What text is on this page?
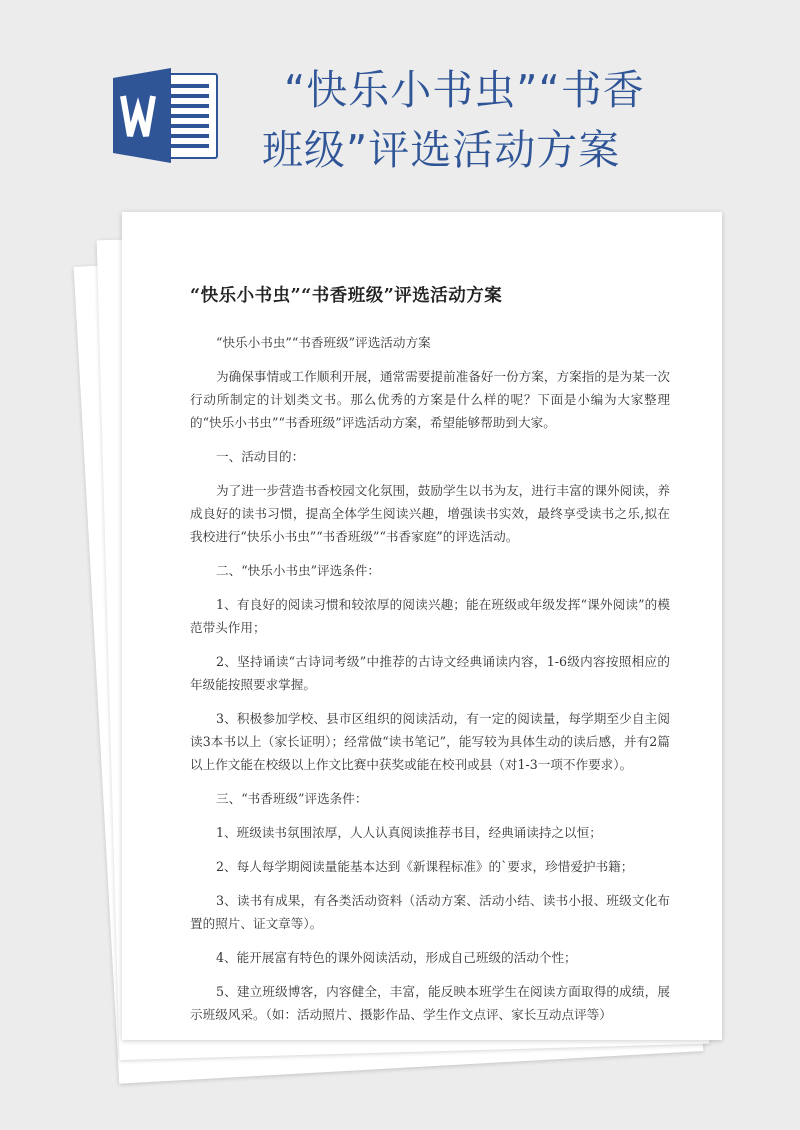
“快乐小书虫”“书香
班级”评选活动方案
“快乐小书虫”“书香班级”评选活动方案

“快乐小书虫”“书香班级”评选活动方案

为确保事情或工作顺利开展，通常需要提前准备好一份方案，方案指的是为某一次行动所制定的计划类文书。那么优秀的方案是什么样的呢？下面是小编为大家整理的“快乐小书虫”“书香班级”评选活动方案，希望能够帮助到大家。

一、活动目的：

为了进一步营造书香校园文化氛围，鼓励学生以书为友，进行丰富的课外阅读，养成良好的读书习惯，提高全体学生阅读兴趣，增强读书实效，最终享受读书之乐,拟在我校进行“快乐小书虫”“书香班级”“书香家庭”的评选活动。

二、“快乐小书虫”评选条件：

1、有良好的阅读习惯和较浓厚的阅读兴趣；能在班级或年级发挥“课外阅读”的模范带头作用；

2、坚持诵读“古诗词考级”中推荐的古诗文经典诵读内容，1-6级内容按照相应的年级能按照要求掌握。

3、积极参加学校、县市区组织的阅读活动，有一定的阅读量，每学期至少自主阅读3本书以上（家长证明）；经常做“读书笔记”，能写较为具体生动的读后感，并有2篇以上作文能在校级以上作文比赛中获奖或能在校刊或县（对1-3一项不作要求）。

三、“书香班级”评选条件：

1、班级读书氛围浓厚，人人认真阅读推荐书目，经典诵读持之以恒；

2、每人每学期阅读量能基本达到《新课程标准》的`要求，珍惜爱护书籍；

3、读书有成果，有各类活动资料（活动方案、活动小结、读书小报、班级文化布置的照片、证文章等）。

4、能开展富有特色的课外阅读活动，形成自己班级的活动个性；

5、建立班级博客，内容健全，丰富，能反映本班学生在阅读方面取得的成绩，展示班级风采。（如：活动照片、摄影作品、学生作文点评、家长互动点评等）
